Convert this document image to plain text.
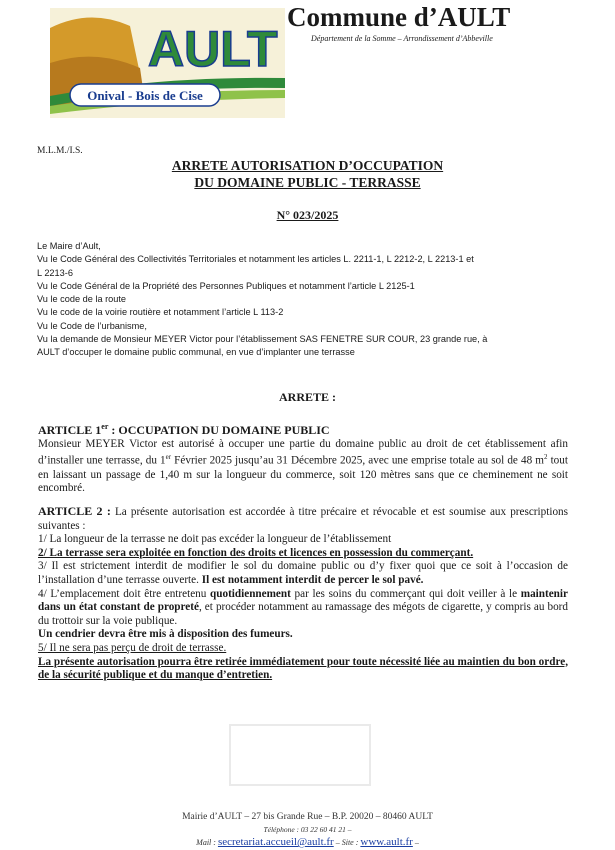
AULT
Onival - Bois de Cise
Commune d’AULT
Département de la Somme – Arrondissement d’Abbeville
M.L.M./I.S.
ARRETE AUTORISATION D’OCCUPATION
DU DOMAINE PUBLIC - TERRASSE
N° 023/2025
Le Maire d’Ault,
Vu le Code Général des Collectivités Territoriales et notamment les articles L. 2211-1, L 2212-2, L 2213-1 et
L 2213-6
Vu le Code Général de la Propriété des Personnes Publiques et notamment l’article L 2125-1
Vu le code de la route
Vu le code de la voirie routière et notamment l’article L 113-2
Vu le Code de l’urbanisme,
Vu la demande de Monsieur MEYER Victor pour l’établissement SAS FENETRE SUR COUR, 23 grande rue, à
AULT d’occuper le domaine public communal, en vue d’implanter une terrasse
ARRETE :
ARTICLE 1er : OCCUPATION DU DOMAINE PUBLIC
Monsieur MEYER Victor est autorisé à occuper une partie du domaine public au droit de cet établissement afin d’installer une terrasse, du 1er Février 2025 jusqu’au 31 Décembre 2025, avec une emprise totale au sol de 48 $m^2$ tout en laissant un passage de 1,40 m sur la longueur du commerce, soit 120 mètres sans que ce cheminement ne soit encombré.
ARTICLE 2 : La présente autorisation est accordée à titre précaire et révocable et est soumise aux prescriptions suivantes :
1/ La longueur de la terrasse ne doit pas excéder la longueur de l’établissement
2/ La terrasse sera exploitée en fonction des droits et licences en possession du commerçant.
3/ Il est strictement interdit de modifier le sol du domaine public ou d’y fixer quoi que ce soit à l’occasion de l’installation d’une terrasse ouverte. Il est notamment interdit de percer le sol pavé.
4/ L’emplacement doit être entretenu quotidiennement par les soins du commerçant qui doit veiller à le maintenir dans un état constant de propreté, et procéder notamment au ramassage des mégots de cigarette, y compris au bord du trottoir sur la voie publique.
Un cendrier devra être mis à disposition des fumeurs.
5/ Il ne sera pas perçu de droit de terrasse.
La présente autorisation pourra être retirée immédiatement pour toute nécessité liée au maintien du bon ordre, de la sécurité publique et du manque d’entretien.
Mairie d’AULT – 27 bis Grande Rue – B.P. 20020 – 80460 AULT
Téléphone : 03 22 60 41 21 –
Mail : secretariat.accueil@ault.fr – Site : www.ault.fr –
